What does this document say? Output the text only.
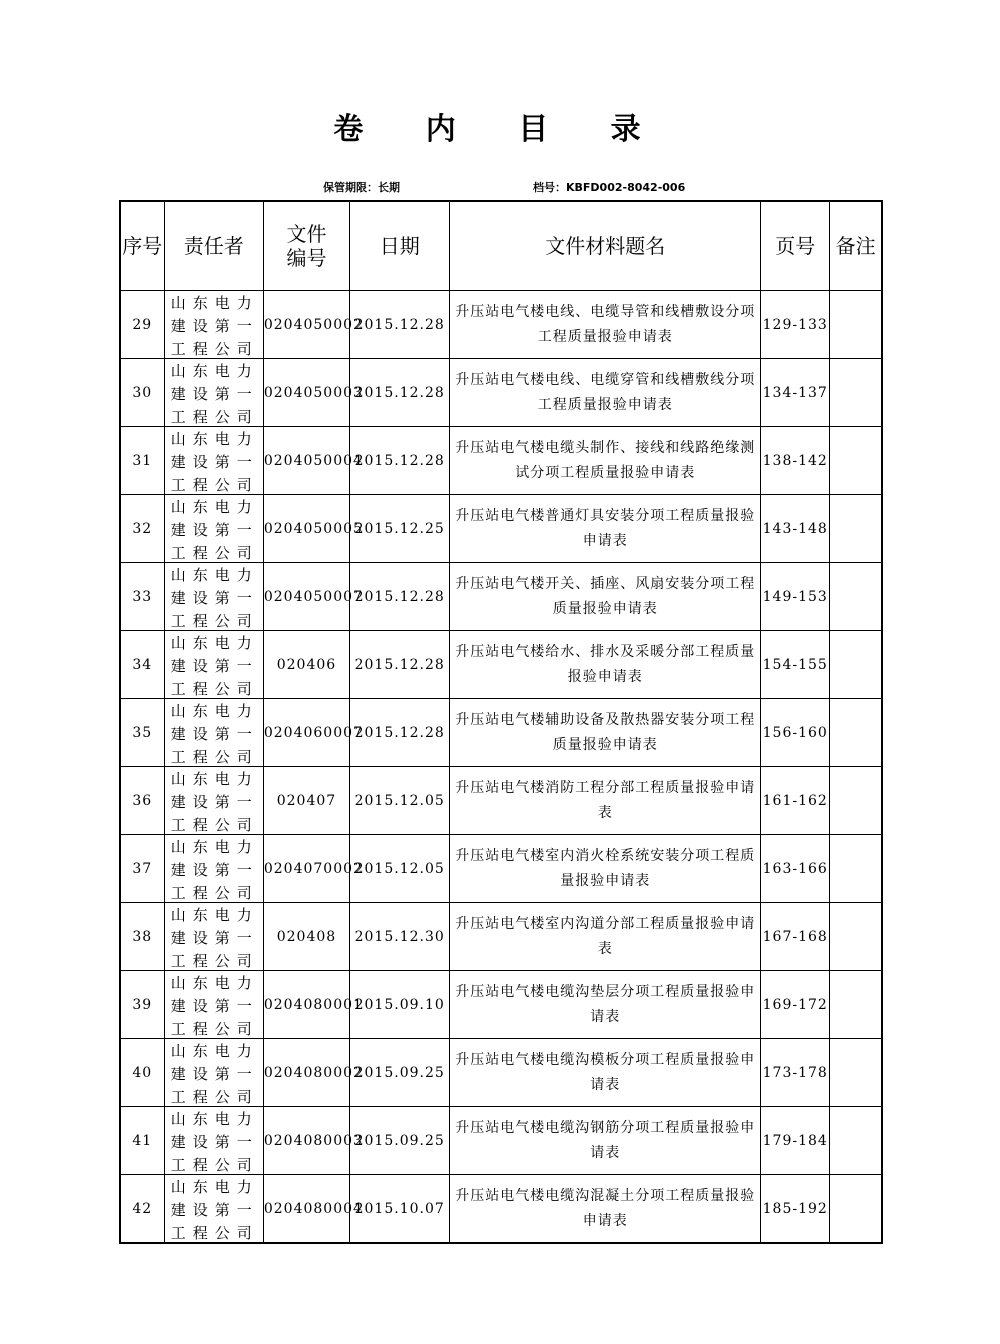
卷 内 目 录
保管期限：长期	档号：KBFD002-8042-006
序号	责任者	文件编号	日期	文件材料题名	页号	备注
29	山东电力建设第一工程公司	0204050002	2015.12.28	升压站电气楼电线、电缆导管和线槽敷设分项工程质量报验申请表	129-133	
30	山东电力建设第一工程公司	0204050003	2015.12.28	升压站电气楼电线、电缆穿管和线槽敷线分项工程质量报验申请表	134-137	
31	山东电力建设第一工程公司	0204050004	2015.12.28	升压站电气楼电缆头制作、接线和线路绝缘测试分项工程质量报验申请表	138-142	
32	山东电力建设第一工程公司	0204050005	2015.12.25	升压站电气楼普通灯具安装分项工程质量报验申请表	143-148	
33	山东电力建设第一工程公司	0204050007	2015.12.28	升压站电气楼开关、插座、风扇安装分项工程质量报验申请表	149-153	
34	山东电力建设第一工程公司	020406	2015.12.28	升压站电气楼给水、排水及采暖分部工程质量报验申请表	154-155	
35	山东电力建设第一工程公司	0204060007	2015.12.28	升压站电气楼辅助设备及散热器安装分项工程质量报验申请表	156-160	
36	山东电力建设第一工程公司	020407	2015.12.05	升压站电气楼消防工程分部工程质量报验申请表	161-162	
37	山东电力建设第一工程公司	0204070002	2015.12.05	升压站电气楼室内消火栓系统安装分项工程质量报验申请表	163-166	
38	山东电力建设第一工程公司	020408	2015.12.30	升压站电气楼室内沟道分部工程质量报验申请表	167-168	
39	山东电力建设第一工程公司	0204080001	2015.09.10	升压站电气楼电缆沟垫层分项工程质量报验申请表	169-172	
40	山东电力建设第一工程公司	0204080002	2015.09.25	升压站电气楼电缆沟模板分项工程质量报验申请表	173-178	
41	山东电力建设第一工程公司	0204080003	2015.09.25	升压站电气楼电缆沟钢筋分项工程质量报验申请表	179-184	
42	山东电力建设第一工程公司	0204080004	2015.10.07	升压站电气楼电缆沟混凝土分项工程质量报验申请表	185-192	
